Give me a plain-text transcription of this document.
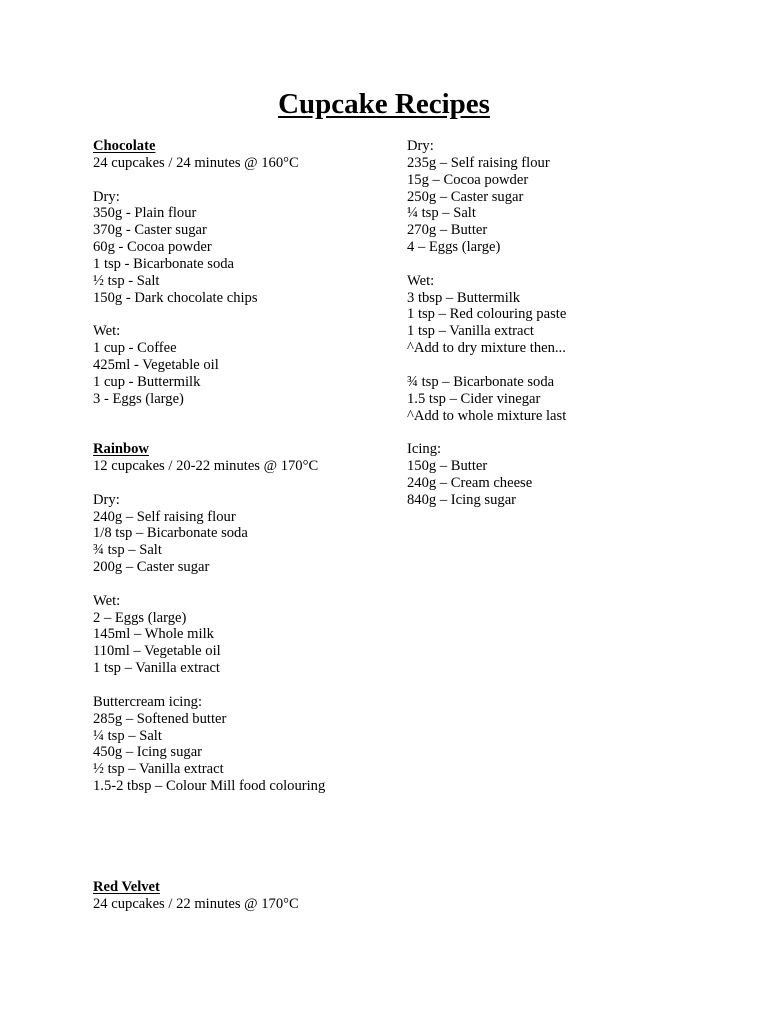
Cupcake Recipes
Chocolate
24 cupcakes / 24 minutes @ 160°C
Dry:
350g - Plain flour
370g - Caster sugar
60g - Cocoa powder
1 tsp - Bicarbonate soda
½ tsp - Salt
150g - Dark chocolate chips
Wet:
1 cup - Coffee
425ml - Vegetable oil
1 cup - Buttermilk
3 - Eggs (large)
Rainbow
12 cupcakes / 20-22 minutes @ 170°C
Dry:
240g – Self raising flour
1/8 tsp – Bicarbonate soda
¾ tsp – Salt
200g – Caster sugar
Wet:
2 – Eggs (large)
145ml – Whole milk
110ml – Vegetable oil
1 tsp – Vanilla extract
Buttercream icing:
285g – Softened butter
¼ tsp – Salt
450g – Icing sugar
½ tsp – Vanilla extract
1.5-2 tbsp – Colour Mill food colouring
Red Velvet
24 cupcakes / 22 minutes @ 170°C
Dry:
235g – Self raising flour
15g – Cocoa powder
250g – Caster sugar
¼ tsp – Salt
270g – Butter
4 – Eggs (large)
Wet:
3 tbsp – Buttermilk
1 tsp – Red colouring paste
1 tsp – Vanilla extract
^Add to dry mixture then...
¾ tsp – Bicarbonate soda
1.5 tsp – Cider vinegar
^Add to whole mixture last
Icing:
150g – Butter
240g – Cream cheese
840g – Icing sugar
